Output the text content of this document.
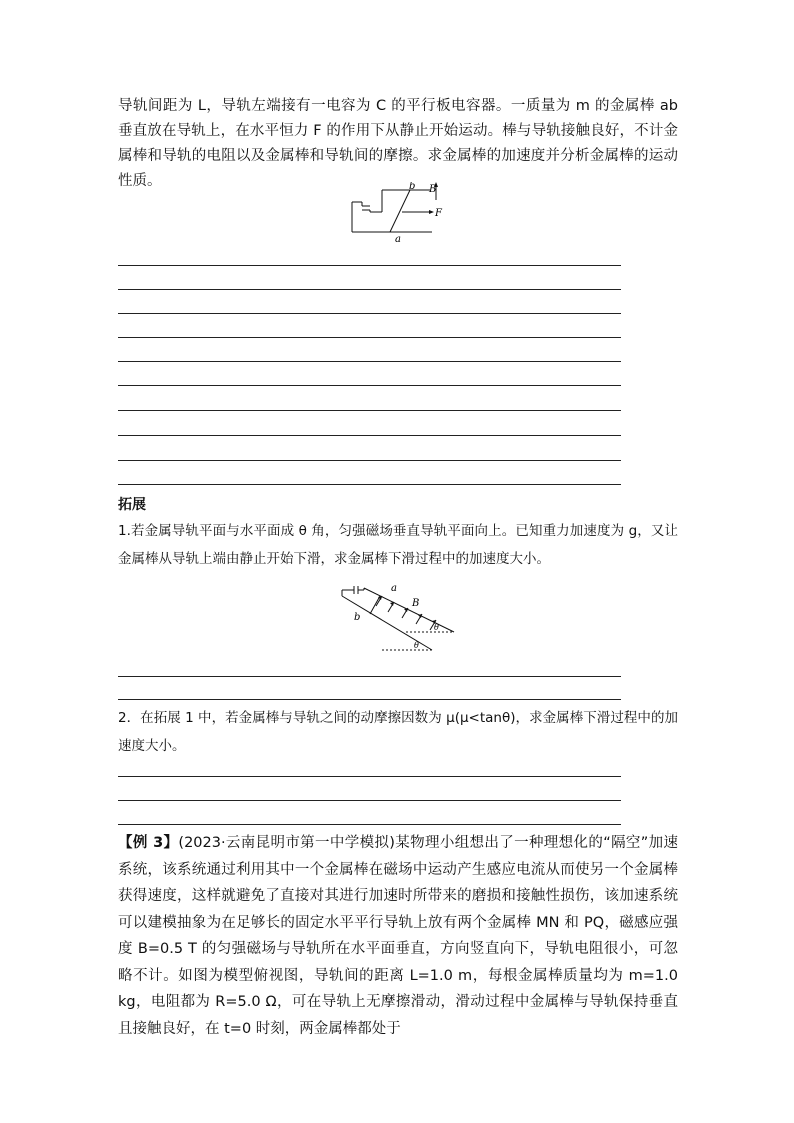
导轨间距为 L，导轨左端接有一电容为 C 的平行板电容器。一质量为 m 的金属棒 ab 垂直放在导轨上，在水平恒力 F 的作用下从静止开始运动。棒与导轨接触良好，不计金属棒和导轨的电阻以及金属棒和导轨间的摩擦。求金属棒的加速度并分析金属棒的运动性质。	b B
F
a
拓展
1.若金属导轨平面与水平面成 θ 角，匀强磁场垂直导轨平面向上。已知重力加速度为 g，又让金属棒从导轨上端由静止开始下滑，求金属棒下滑过程中的加速度大小。
a
b
B
θ
θ
2．在拓展 1 中，若金属棒与导轨之间的动摩擦因数为 μ(μ<tanθ)，求金属棒下滑过程中的加速度大小。
【例 3】(2023·云南昆明市第一中学模拟)某物理小组想出了一种理想化的“隔空”加速系统，该系统通过利用其中一个金属棒在磁场中运动产生感应电流从而使另一个金属棒获得速度，这样就避免了直接对其进行加速时所带来的磨损和接触性损伤，该加速系统可以建模抽象为在足够长的固定水平平行导轨上放有两个金属棒 MN 和 PQ，磁感应强度 B=0.5 T 的匀强磁场与导轨所在水平面垂直，方向竖直向下，导轨电阻很小，可忽略不计。如图为模型俯视图，导轨间的距离 L=1.0 m，每根金属棒质量均为 m=1.0 kg，电阻都为 R=5.0 Ω，可在导轨上无摩擦滑动，滑动过程中金属棒与导轨保持垂直且接触良好，在 t=0 时刻，两金属棒都处于
